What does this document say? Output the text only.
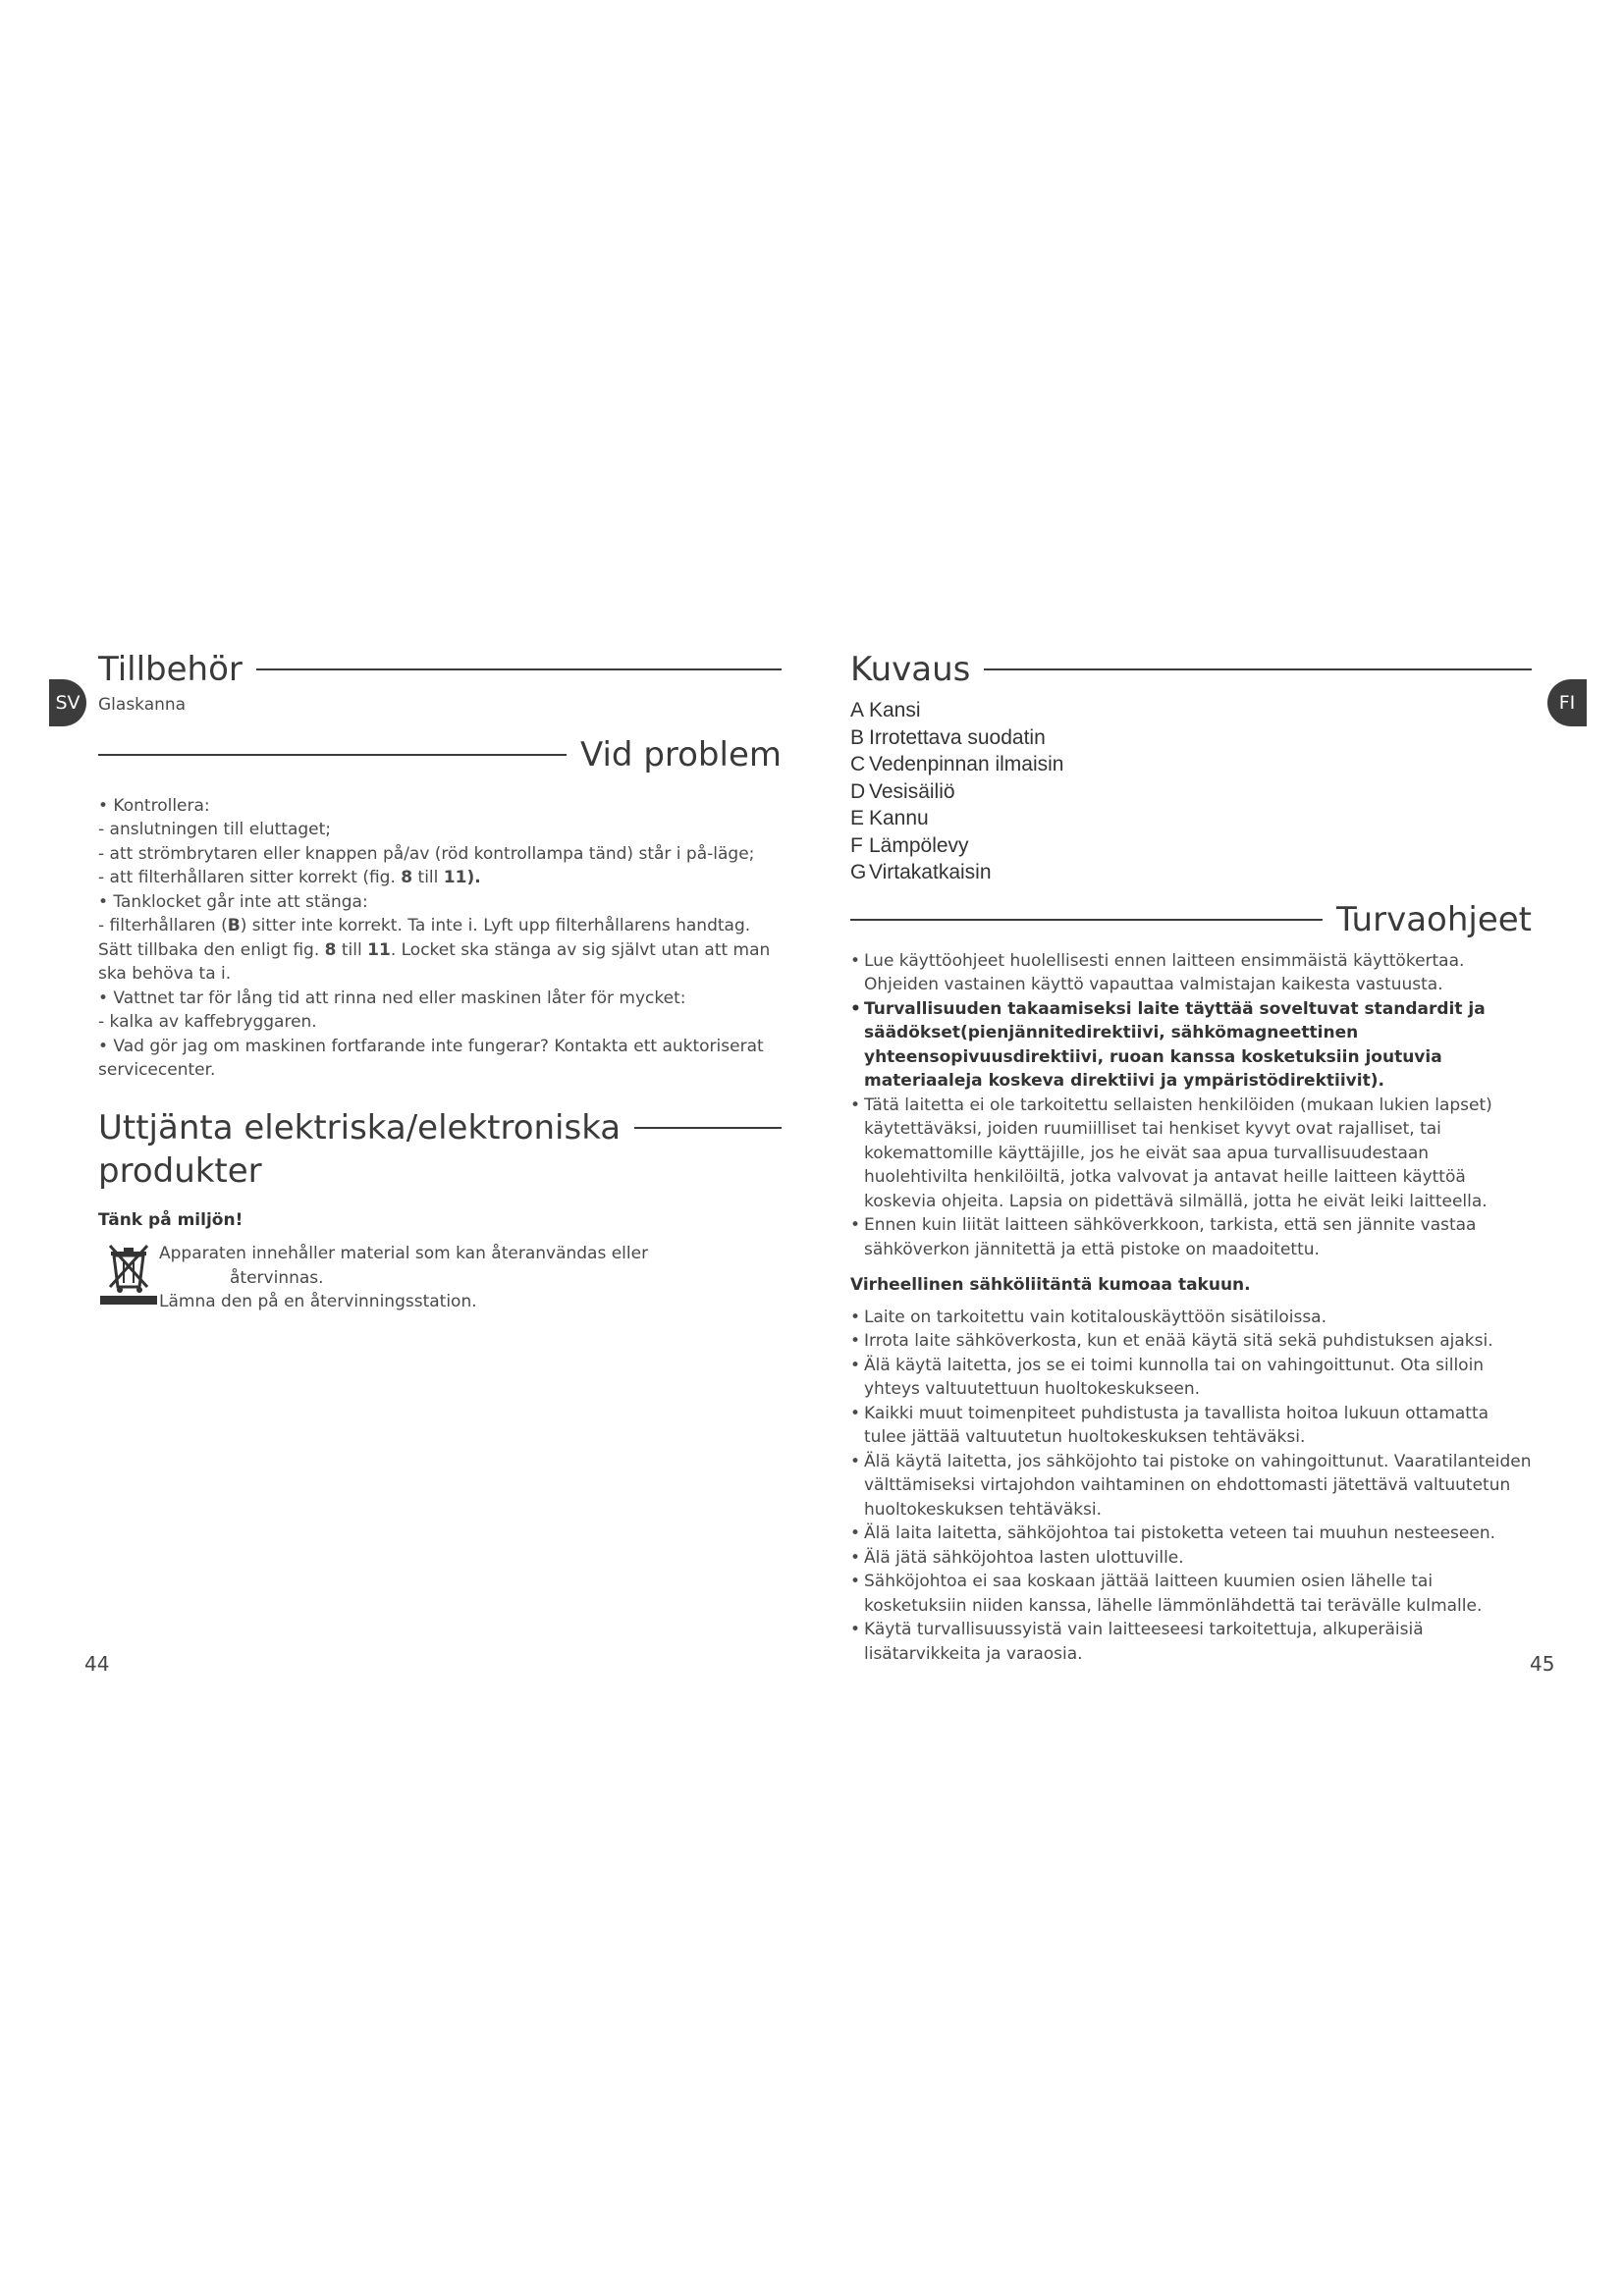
SV	FI
Tillbehör
Glaskanna
Vid problem

• Kontrollera:

- anslutningen till eluttaget;

- att strömbrytaren eller knappen på/av (röd kontrollampa tänd) står i på-läge;

- att filterhållaren sitter korrekt (fig. 8 till 11).

• Tanklocket går inte att stänga:

- filterhållaren (B) sitter inte korrekt. Ta inte i. Lyft upp filterhållarens handtag. Sätt tillbaka den enligt fig. 8 till 11. Locket ska stänga av sig självt utan att man ska behöva ta i.

• Vattnet tar för lång tid att rinna ned eller maskinen låter för mycket:

- kalka av kaffebryggaren.

• Vad gör jag om maskinen fortfarande inte fungerar? Kontakta ett auktoriserat servicecenter.

Uttjänta elektriska/elektroniska
produkter
Tänk på miljön!

Apparaten innehåller material som kan återanvändas eller

återvinnas.

Lämna den på en återvinningsstation.

Kuvaus
A Kansi
B Irrotettava suodatin
C Vedenpinnan ilmaisin
D Vesisäiliö
E Kannu
F Lämpölevy
G Virtakatkaisin
Turvaohjeet
• Lue käyttöohjeet huolellisesti ennen laitteen ensimmäistä käyttökertaa. Ohjeiden vastainen käyttö vapauttaa valmistajan kaikesta vastuusta.
• Turvallisuuden takaamiseksi laite täyttää soveltuvat standardit ja säädökset(pienjännitedirektiivi, sähkömagneettinen yhteensopivuusdirektiivi, ruoan kanssa kosketuksiin joutuvia materiaaleja koskeva direktiivi ja ympäristödirektiivit).
• Tätä laitetta ei ole tarkoitettu sellaisten henkilöiden (mukaan lukien lapset) käytettäväksi, joiden ruumiilliset tai henkiset kyvyt ovat rajalliset, tai kokemattomille käyttäjille, jos he eivät saa apua turvallisuudestaan huolehtivilta henkilöiltä, jotka valvovat ja antavat heille laitteen käyttöä koskevia ohjeita. Lapsia on pidettävä silmällä, jotta he eivät leiki laitteella.
• Ennen kuin liität laitteen sähköverkkoon, tarkista, että sen jännite vastaa sähköverkon jännitettä ja että pistoke on maadoitettu.
Virheellinen sähköliitäntä kumoaa takuun.
• Laite on tarkoitettu vain kotitalouskäyttöön sisätiloissa.
• Irrota laite sähköverkosta, kun et enää käytä sitä sekä puhdistuksen ajaksi.
• Älä käytä laitetta, jos se ei toimi kunnolla tai on vahingoittunut. Ota silloin yhteys valtuutettuun huoltokeskukseen.
• Kaikki muut toimenpiteet puhdistusta ja tavallista hoitoa lukuun ottamatta tulee jättää valtuutetun huoltokeskuksen tehtäväksi.
• Älä käytä laitetta, jos sähköjohto tai pistoke on vahingoittunut. Vaaratilanteiden välttämiseksi virtajohdon vaihtaminen on ehdottomasti jätettävä valtuutetun huoltokeskuksen tehtäväksi.
• Älä laita laitetta, sähköjohtoa tai pistoketta veteen tai muuhun nesteeseen.
• Älä jätä sähköjohtoa lasten ulottuville.
• Sähköjohtoa ei saa koskaan jättää laitteen kuumien osien lähelle tai kosketuksiin niiden kanssa, lähelle lämmönlähdettä tai terävälle kulmalle.
• Käytä turvallisuussyistä vain laitteeseesi tarkoitettuja, alkuperäisiä lisätarvikkeita ja varaosia.
44	45
